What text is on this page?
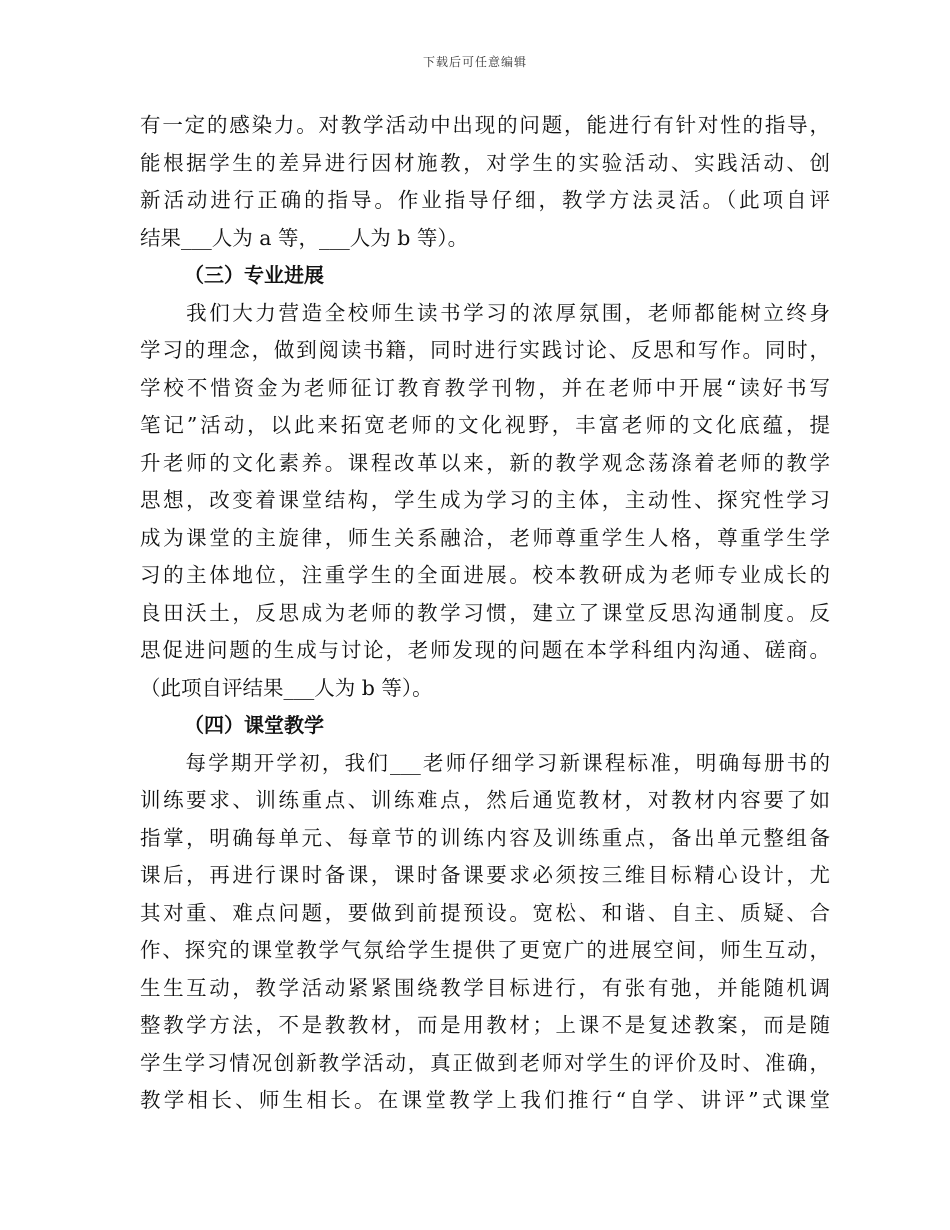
下载后可任意编辑
有一定的感染力。对教学活动中出现的问题，能进行有针对性的指导，
能根据学生的差异进行因材施教，对学生的实验活动、实践活动、创
新活动进行正确的指导。作业指导仔细，教学方法灵活。（此项自评
结果___人为 a 等，___人为 b 等）。
（三）专业进展
　　我们大力营造全校师生读书学习的浓厚氛围，老师都能树立终身
学习的理念，做到阅读书籍，同时进行实践讨论、反思和写作。同时，
学校不惜资金为老师征订教育教学刊物，并在老师中开展“读好书写
笔记”活动，以此来拓宽老师的文化视野，丰富老师的文化底蕴，提
升老师的文化素养。课程改革以来，新的教学观念荡涤着老师的教学
思想，改变着课堂结构，学生成为学习的主体，主动性、探究性学习
成为课堂的主旋律，师生关系融洽，老师尊重学生人格，尊重学生学
习的主体地位，注重学生的全面进展。校本教研成为老师专业成长的
良田沃土，反思成为老师的教学习惯，建立了课堂反思沟通制度。反
思促进问题的生成与讨论，老师发现的问题在本学科组内沟通、磋商。
（此项自评结果___人为 b 等）。
（四）课堂教学
　　每学期开学初，我们___老师仔细学习新课程标准，明确每册书的
训练要求、训练重点、训练难点，然后通览教材，对教材内容要了如
指掌，明确每单元、每章节的训练内容及训练重点，备出单元整组备
课后，再进行课时备课，课时备课要求必须按三维目标精心设计，尤
其对重、难点问题，要做到前提预设。宽松、和谐、自主、质疑、合
作、探究的课堂教学气氛给学生提供了更宽广的进展空间，师生互动，
生生互动，教学活动紧紧围绕教学目标进行，有张有弛，并能随机调
整教学方法，不是教教材，而是用教材；上课不是复述教案，而是随
学生学习情况创新教学活动，真正做到老师对学生的评价及时、准确，
教学相长、师生相长。在课堂教学上我们推行“自学、讲评”式课堂
